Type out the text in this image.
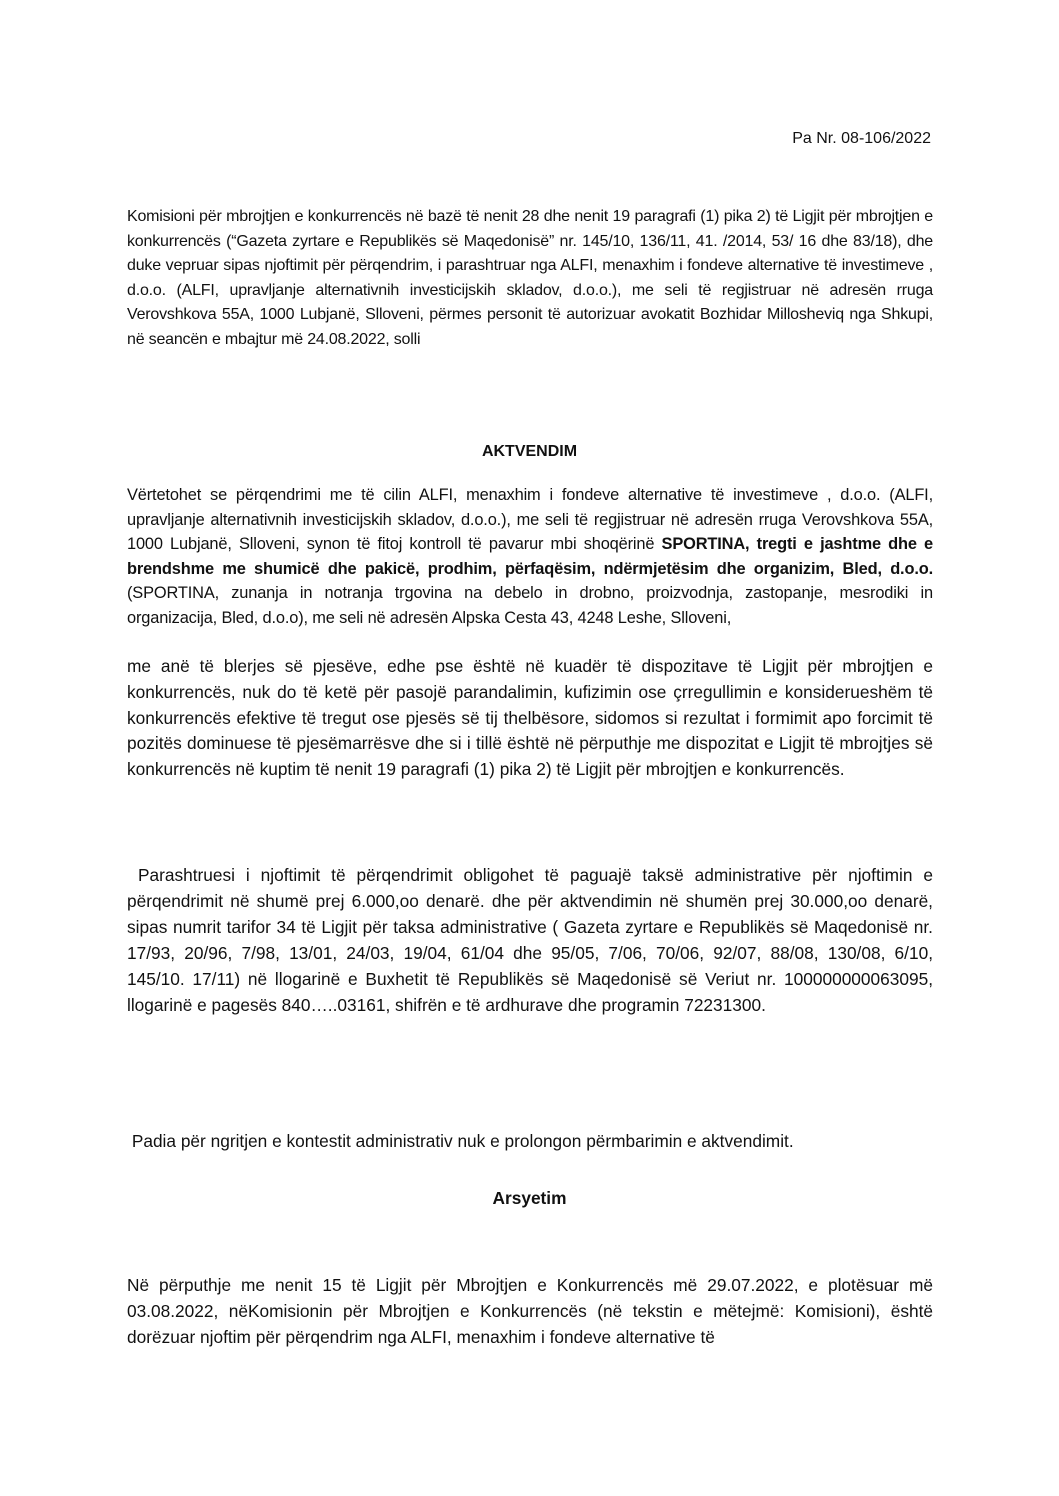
Pa Nr. 08-106/2022

Komisioni për mbrojtjen e konkurrencës në bazë të nenit 28 dhe nenit 19 paragrafi (1) pika 2) të Ligjit për mbrojtjen e konkurrencës (“Gazeta zyrtare e Republikës së Maqedonisë” nr. 145/10, 136/11, 41. /2014, 53/ 16 dhe 83/18), dhe duke vepruar sipas njoftimit për përqendrim, i parashtruar nga ALFI, menaxhim i fondeve alternative të investimeve , d.o.o. (ALFI, upravljanje alternativnih investicijskih skladov, d.o.o.), me seli të regjistruar në adresën rruga Verovshkova 55A, 1000 Lubjanë, Slloveni, përmes personit të autorizuar avokatit Bozhidar Millosheviq nga Shkupi, në seancën e mbajtur më 24.08.2022, solli

AKTVENDIM

Vërtetohet se përqendrimi me të cilin ALFI, menaxhim i fondeve alternative të investimeve , d.o.o. (ALFI, upravljanje alternativnih investicijskih skladov, d.o.o.), me seli të regjistruar në adresën rruga Verovshkova 55A, 1000 Lubjanë, Slloveni, synon të fitoj kontroll të pavarur mbi shoqërinë SPORTINA, tregti e jashtme dhe e brendshme me shumicë dhe pakicë, prodhim, përfaqësim, ndërmjetësim dhe organizim, Bled, d.o.o. (SPORTINA, zunanja in notranja trgovina na debelo in drobno, proizvodnja, zastopanje, mesrodiki in organizacija, Bled, d.o.o), me seli në adresën Alpska Cesta 43, 4248 Leshe, Slloveni,

me anë të blerjes së pjesëve, edhe pse është në kuadër të dispozitave të Ligjit për mbrojtjen e konkurrencës, nuk do të ketë për pasojë parandalimin, kufizimin ose çrregullimin e konsiderueshëm të konkurrencës efektive të tregut ose pjesës së tij thelbësore, sidomos si rezultat i formimit apo forcimit të pozitës dominuese të pjesëmarrësve dhe si i tillë është në përputhje me dispozitat e Ligjit të mbrojtjes së konkurrencës në kuptim të nenit 19 paragrafi (1) pika 2) të Ligjit për mbrojtjen e konkurrencës.

Parashtruesi i njoftimit të përqendrimit obligohet të paguajë taksë administrative për njoftimin e përqendrimit në shumë prej 6.000,oo denarë. dhe për aktvendimin në shumën prej 30.000,oo denarë, sipas numrit tarifor 34 të Ligjit për taksa administrative ( Gazeta zyrtare e Republikës së Maqedonisë nr. 17/93, 20/96, 7/98, 13/01, 24/03, 19/04, 61/04 dhe 95/05, 7/06, 70/06, 92/07, 88/08, 130/08, 6/10, 145/10. 17/11) në llogarinë e Buxhetit të Republikës së Maqedonisë së Veriut nr. 100000000063095, llogarinë e pagesës 840…..03161, shifrën e të ardhurave dhe programin 72231300.

Padia për ngritjen e kontestit administrativ nuk e prolongon përmbarimin e aktvendimit.

Arsyetim

Në përputhje me nenit 15 të Ligjit për Mbrojtjen e Konkurrencës më 29.07.2022, e plotësuar më 03.08.2022, nëKomisionin për Mbrojtjen e Konkurrencës (në tekstin e mëtejmë: Komisioni), është dorëzuar njoftim për përqendrim nga ALFI, menaxhim i fondeve alternative të
